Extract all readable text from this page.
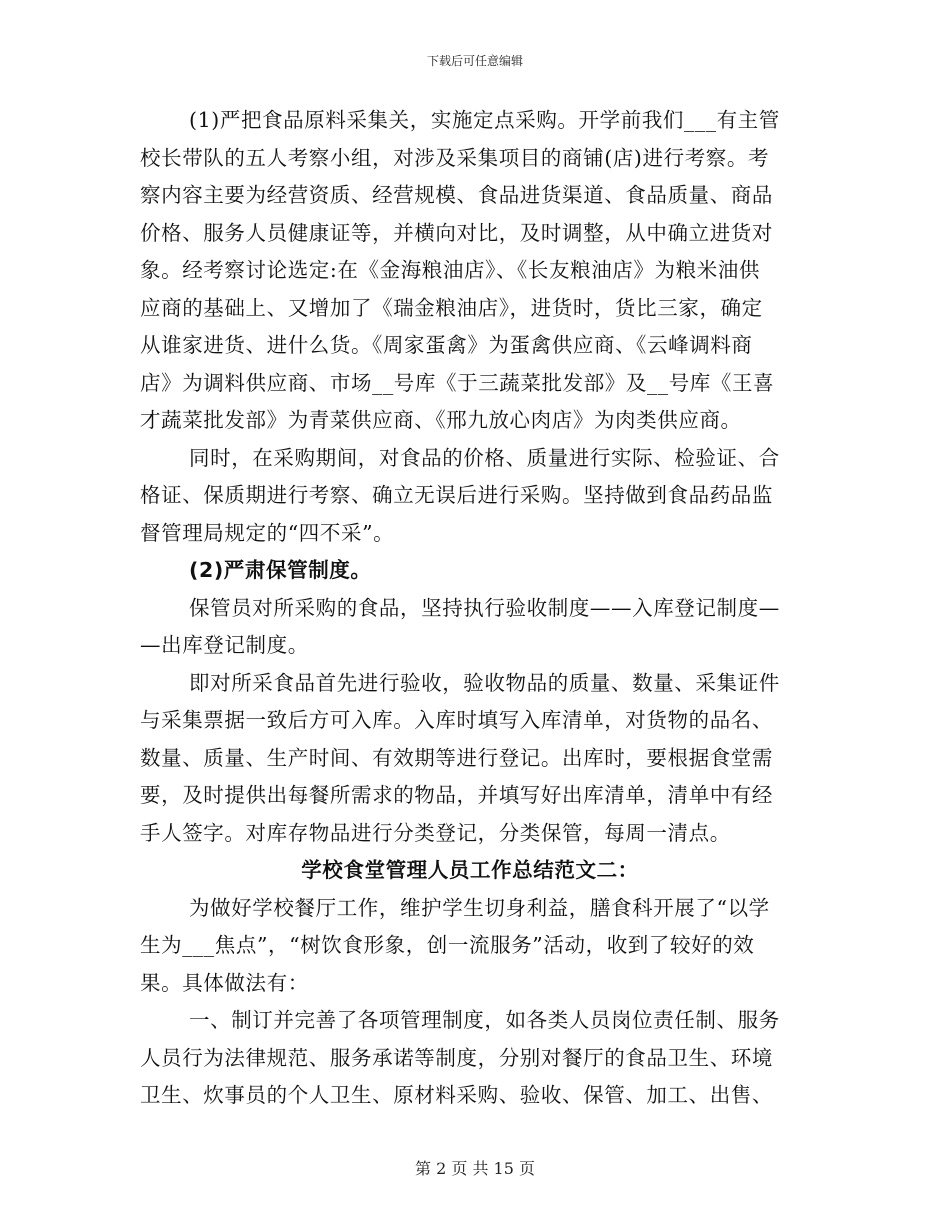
下载后可任意编辑
(1)严把食品原料采集关，实施定点采购。开学前我们___有主管
校长带队的五人考察小组，对涉及采集项目的商铺(店)进行考察。考
察内容主要为经营资质、经营规模、食品进货渠道、食品质量、商品
价格、服务人员健康证等，并横向对比，及时调整，从中确立进货对
象。经考察讨论选定:在《金海粮油店》、《长友粮油店》为粮米油供
应商的基础上、又增加了《瑞金粮油店》，进货时，货比三家，确定
从谁家进货、进什么货。《周家蛋禽》为蛋禽供应商、《云峰调料商
店》为调料供应商、市场__号库《于三蔬菜批发部》及__号库《王喜
才蔬菜批发部》为青菜供应商、《邢九放心肉店》为肉类供应商。
同时，在采购期间，对食品的价格、质量进行实际、检验证、合
格证、保质期进行考察、确立无误后进行采购。坚持做到食品药品监
督管理局规定的“四不采”。
(2)严肃保管制度。
保管员对所采购的食品，坚持执行验收制度——入库登记制度—
—出库登记制度。
即对所采食品首先进行验收，验收物品的质量、数量、采集证件
与采集票据一致后方可入库。入库时填写入库清单，对货物的品名、
数量、质量、生产时间、有效期等进行登记。出库时，要根据食堂需
要，及时提供出每餐所需求的物品，并填写好出库清单，清单中有经
手人签字。对库存物品进行分类登记，分类保管，每周一清点。
学校食堂管理人员工作总结范文二：
为做好学校餐厅工作，维护学生切身利益，膳食科开展了“以学
生为___焦点”，“树饮食形象，创一流服务”活动，收到了较好的效
果。具体做法有：
一、制订并完善了各项管理制度，如各类人员岗位责任制、服务
人员行为法律规范、服务承诺等制度，分别对餐厅的食品卫生、环境
卫生、炊事员的个人卫生、原材料采购、验收、保管、加工、出售、
第 2 页 共 15 页
